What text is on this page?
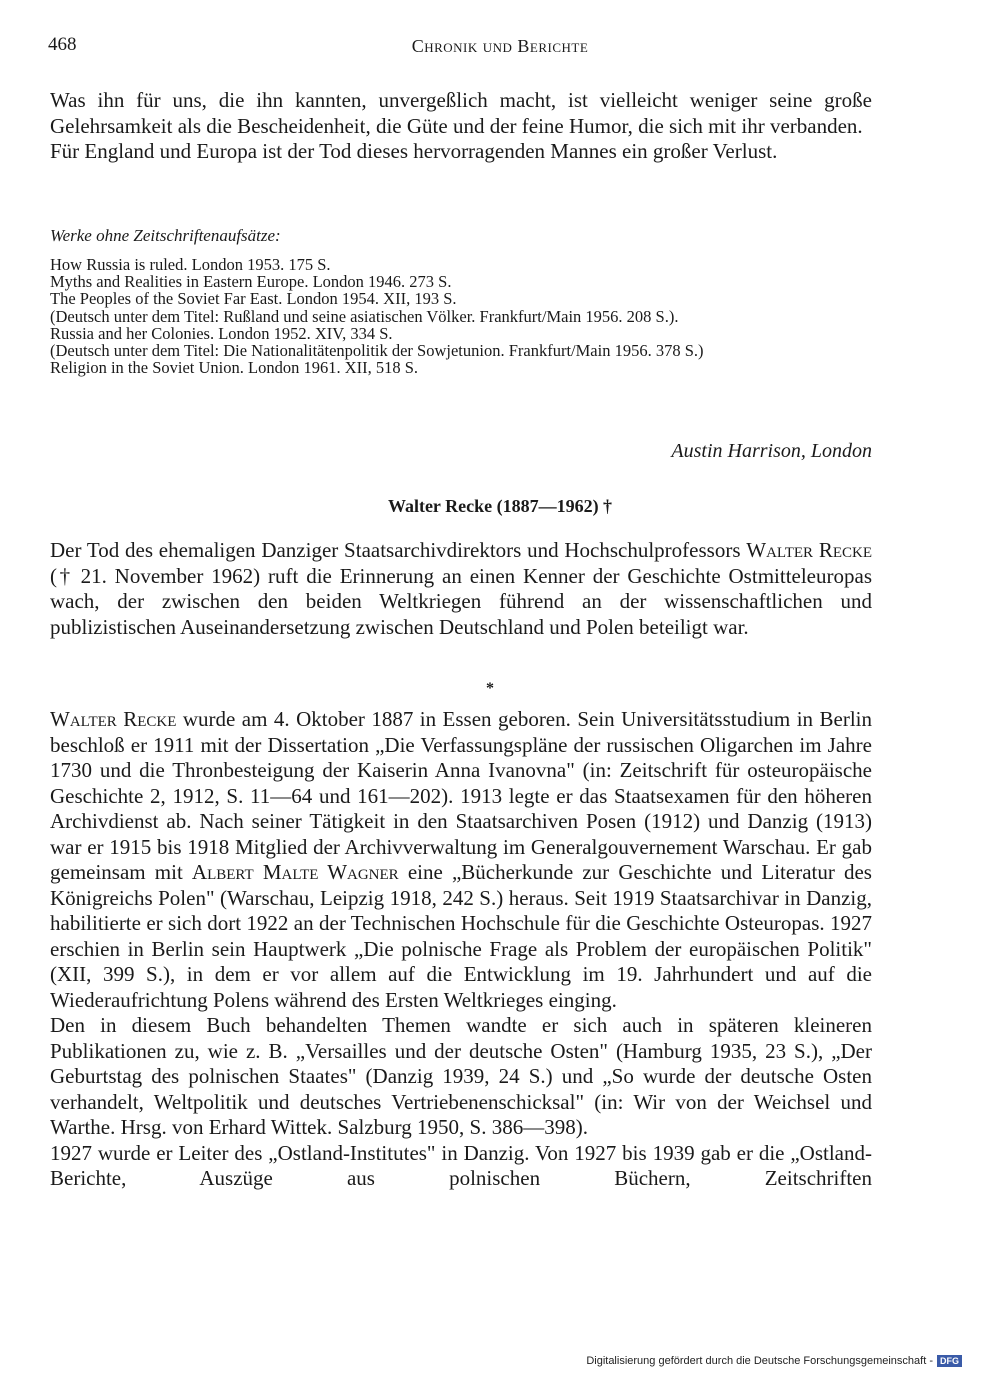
468	Chronik und Berichte

Was ihn für uns, die ihn kannten, unvergeßlich macht, ist vielleicht weniger seine große Gelehrsamkeit als die Bescheidenheit, die Güte und der feine Humor, die sich mit ihr verbanden.

Für England und Europa ist der Tod dieses hervorragenden Mannes ein großer Verlust.

Werke ohne Zeitschriftenaufsätze:
How Russia is ruled. London 1953. 175 S.
Myths and Realities in Eastern Europe. London 1946. 273 S.
The Peoples of the Soviet Far East. London 1954. XII, 193 S.
(Deutsch unter dem Titel: Rußland und seine asiatischen Völker. Frankfurt/Main 1956. 208 S.).
Russia and her Colonies. London 1952. XIV, 334 S.
(Deutsch unter dem Titel: Die Nationalitätenpolitik der Sowjetunion. Frankfurt/Main 1956. 378 S.)
Religion in the Soviet Union. London 1961. XII, 518 S.
Austin Harrison, London
Walter Recke (1887—1962) †

Der Tod des ehemaligen Danziger Staatsarchivdirektors und Hochschulprofessors Walter Recke († 21. November 1962) ruft die Erinnerung an einen Kenner der Geschichte Ostmitteleuropas wach, der zwischen den beiden Weltkriegen führend an der wissenschaftlichen und publizistischen Auseinandersetzung zwischen Deutschland und Polen beteiligt war.

*

Walter Recke wurde am 4. Oktober 1887 in Essen geboren. Sein Universitätsstudium in Berlin beschloß er 1911 mit der Dissertation „Die Verfassungspläne der russischen Oligarchen im Jahre 1730 und die Thronbesteigung der Kaiserin Anna Ivanovna" (in: Zeitschrift für osteuropäische Geschichte 2, 1912, S. 11—64 und 161—202). 1913 legte er das Staatsexamen für den höheren Archivdienst ab. Nach seiner Tätigkeit in den Staatsarchiven Posen (1912) und Danzig (1913) war er 1915 bis 1918 Mitglied der Archivverwaltung im Generalgouvernement Warschau. Er gab gemeinsam mit Albert Malte Wagner eine „Bücherkunde zur Geschichte und Literatur des Königreichs Polen" (Warschau, Leipzig 1918, 242 S.) heraus. Seit 1919 Staatsarchivar in Danzig, habilitierte er sich dort 1922 an der Technischen Hochschule für die Geschichte Osteuropas. 1927 erschien in Berlin sein Hauptwerk „Die polnische Frage als Problem der europäischen Politik" (XII, 399 S.), in dem er vor allem auf die Entwicklung im 19. Jahrhundert und auf die Wiederaufrichtung Polens während des Ersten Weltkrieges einging.

Den in diesem Buch behandelten Themen wandte er sich auch in späteren kleineren Publikationen zu, wie z. B. „Versailles und der deutsche Osten" (Hamburg 1935, 23 S.), „Der Geburtstag des polnischen Staates" (Danzig 1939, 24 S.) und „So wurde der deutsche Osten verhandelt, Weltpolitik und deutsches Vertriebenenschicksal" (in: Wir von der Weichsel und Warthe. Hrsg. von Erhard Wittek. Salzburg 1950, S. 386—398).

1927 wurde er Leiter des „Ostland-Institutes" in Danzig. Von 1927 bis 1939 gab er die „Ostland-Berichte, Auszüge aus polnischen Büchern, Zeitschriften

Digitalisierung gefördert durch die Deutsche Forschungsgemeinschaft - DFG
